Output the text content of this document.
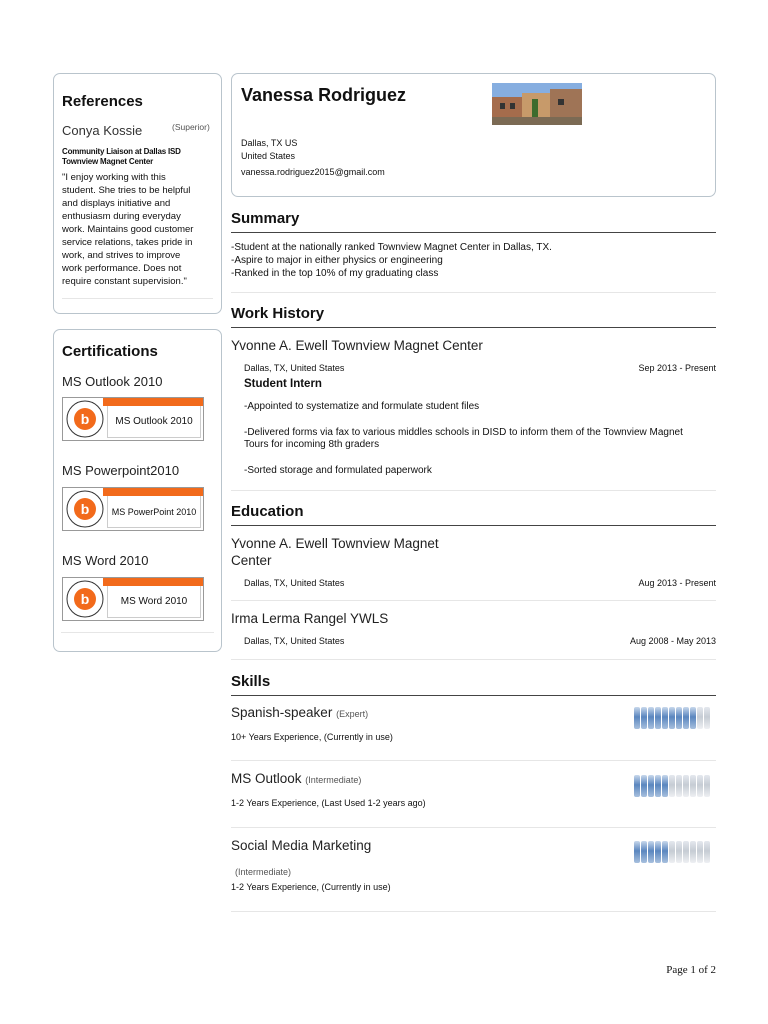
References
Conya Kossie	(Superior)
Community Liaison at Dallas ISD
Townview Magnet Center
"I enjoy working with this
student. She tries to be helpful
and displays initiative and
enthusiasm during everyday
work. Maintains good customer
service relations, takes pride in
work, and strives to improve
work performance. Does not
require constant supervision."
Certifications
MS Outlook 2010
b	MS Outlook 2010
MS Powerpoint2010
b	MS PowerPoint 2010
MS Word 2010
b	MS Word 2010
Vanessa Rodriguez
Dallas, TX US
United States
vanessa.rodriguez2015@gmail.com
Summary
-Student at the nationally ranked Townview Magnet Center in Dallas, TX.
-Aspire to major in either physics or engineering
-Ranked in the top 10% of my graduating class
Work History
Yvonne A. Ewell Townview Magnet Center
Dallas, TX, United States	Sep 2013 - Present
Student Intern
-Appointed to systematize and formulate student files
-Delivered forms via fax to various middles schools in DISD to inform them of the Townview Magnet
Tours for incoming 8th graders
-Sorted storage and formulated paperwork
Education
Yvonne A. Ewell Townview Magnet
Center
Dallas, TX, United States	Aug 2013 - Present
Irma Lerma Rangel YWLS
Dallas, TX, United States	Aug 2008 - May 2013
Skills
Spanish-speaker (Expert)
10+ Years Experience, (Currently in use)
MS Outlook (Intermediate)
1-2 Years Experience, (Last Used 1-2 years ago)
Social Media Marketing
(Intermediate)
1-2 Years Experience, (Currently in use)
Page 1 of 2
